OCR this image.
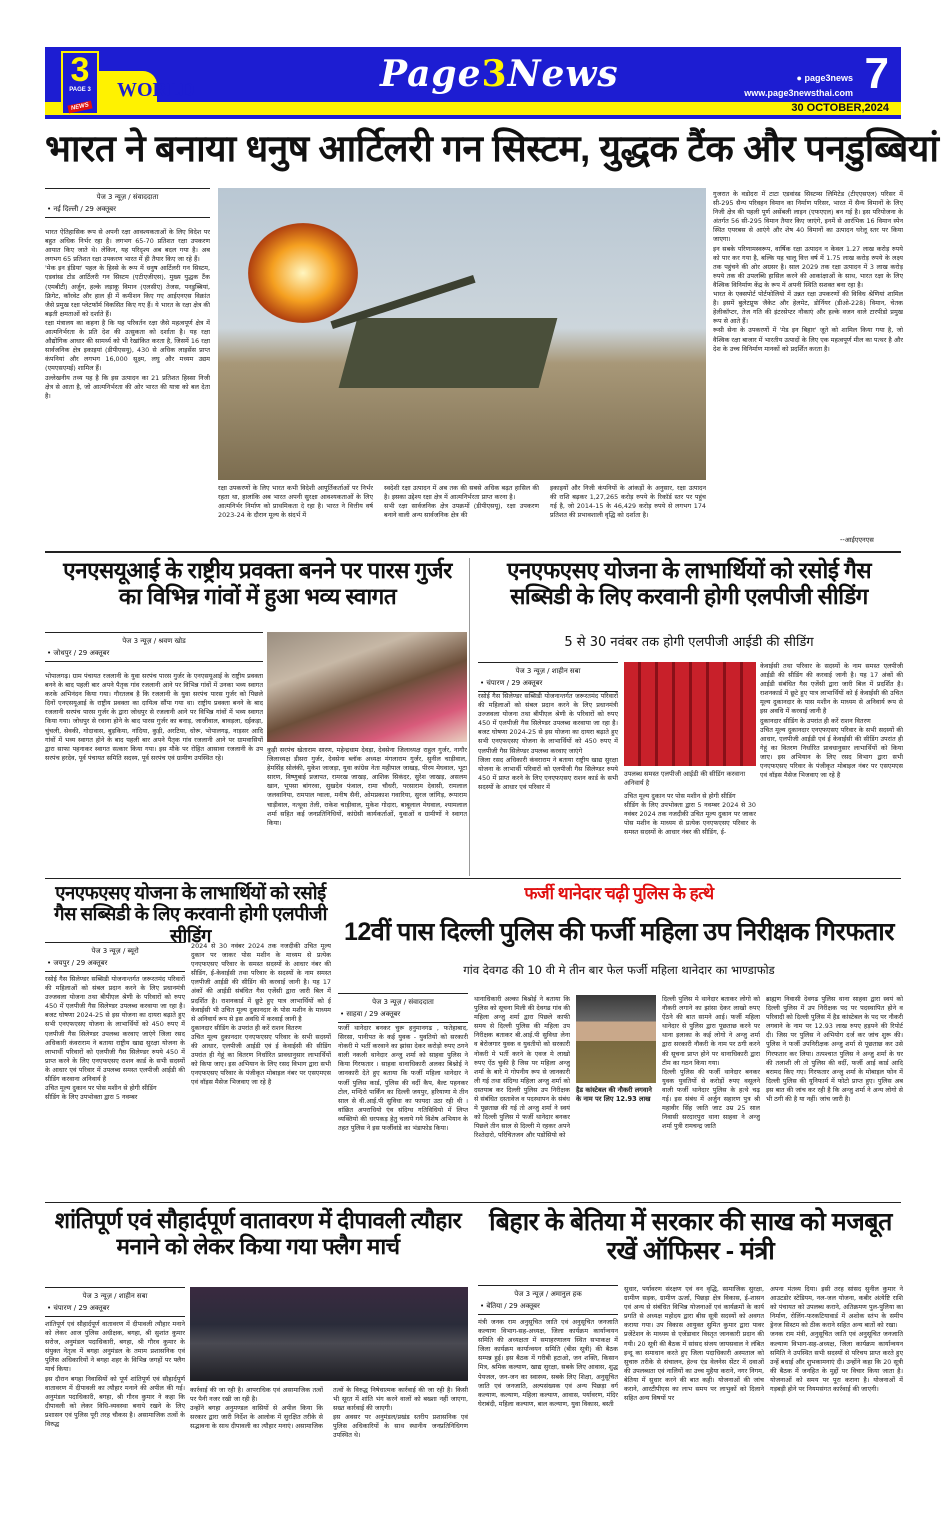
3
PAGE 3
NEWS
WORLD	Page3News	● page3news
www.page3newsthai.com 7
30 OCTOBER,2024
भारत ने बनाया धनुष आर्टिलरी गन सिस्टम, युद्धक टैंक और पनडुब्बियां
पेज 3 न्यूज़ / संवाददाता
• नई दिल्ली / 29 अक्तूबर
भारत ऐतिहासिक रूप से अपनी रक्षा आवश्यकताओं के लिए विदेश पर बहुत अधिक निर्भर रहा है। लगभग 65-70 प्रतिशत रक्षा उपकरण आयात किए जाते थे। लेकिन, यह परिदृश्य अब बदल गया है। अब लगभग 65 प्रतिशत रक्षा उपकरण भारत में ही तैयार किए जा रहे हैं।
'मेक इन इंडिया' पहल के हिस्से के रूप में धनुष आर्टिलरी गन सिस्टम, एडवांस्ड टोड आर्टिलरी गन सिस्टम (एटीएजीएस), मुख्य युद्धक टैंक (एमबीटी) अर्जुन, हल्के लड़ाकू विमान (एलसीए) तेजस, पनडुब्बियां, फ्रिगेट, कॉरवेट और हाल ही में कमीशन किए गए आईएनएस विक्रांत जैसे प्रमुख रक्षा प्लेटफॉर्म विकसित किए गए हैं। ये भारत के रक्षा क्षेत्र की बढ़ती क्षमताओं को दर्शाते हैं।
रक्षा मंत्रालय का कहना है कि यह परिवर्तन रक्षा जैसे महत्वपूर्ण क्षेत्र में आत्मनिर्भरता के प्रति देश की उत्सुकता को दर्शाता है। यह रक्षा औद्योगिक आधार की सामर्थ्य को भी रेखांकित करता है, जिसमें 16 रक्षा सार्वजनिक क्षेत्र इकाइयां (डीपीएसयू), 430 से अधिक लाइसेंस प्राप्त कंपनियां और लगभग 16,000 सूक्ष्म, लघु और मध्यम उद्यम (एमएसएमई) शामिल हैं।
उल्लेखनीय तथ्य यह है कि इस उत्पादन का 21 प्रतिशत हिस्सा निजी क्षेत्र से आता है, जो आत्मनिर्भरता की ओर भारत की यात्रा को बल देता है।
रक्षा उपकरणों के लिए भारत कभी विदेशी आपूर्तिकर्ताओं पर निर्भर रहता था, हालांकि अब भारत अपनी सुरक्षा आवश्यकताओं के लिए आत्मनिर्भर निर्माण को प्राथमिकता दे रहा है। भारत ने वित्तीय वर्ष 2023-24 के दौरान मूल्य के संदर्भ में
स्वदेशी रक्षा उत्पादन में अब तक की सबसे अधिक बढ़त हासिल की है। इसका उद्देश्य रक्षा क्षेत्र में आत्मनिर्भरता प्राप्त करना है।
सभी रक्षा सार्वजनिक क्षेत्र उपक्रमों (डीपीएसयू), रक्षा उपकरण बनाने वाली अन्य सार्वजनिक क्षेत्र की
इकाइयों और निजी कंपनियों के आंकड़ों के अनुसार, रक्षा उत्पादन की राशि बढ़कर 1,27,265 करोड़ रुपये के रिकॉर्ड स्तर पर पहुंच गई है, जो 2014-15 के 46,429 करोड़ रुपये से लगभग 174 प्रतिशत की प्रभावशाली वृद्धि को दर्शाता है।
गुजरात के वडोदरा में टाटा एडवांस्ड सिस्टम्स लिमिटेड (टीएएसएल) परिसर में सी-295 सैन्य परिवहन विमान का निर्माण परिसर, भारत में सैन्य विमानों के लिए निजी क्षेत्र की पहली पूर्ण असेंबली लाइन (एफएएल) बन गई है। इस परियोजना के अंतर्गत 56 सी-295 विमान तैयार किए जाएंगे, इनमें से आरंभिक 16 विमान स्पेन स्थित एयरबस से आएंगे और शेष 40 विमानों का उत्पादन घरेलू स्तर पर किया जाएगा।
इन सबके परिणामस्वरूप, वार्षिक रक्षा उत्पादन न केवल 1.27 लाख करोड़ रुपये को पार कर गया है, बल्कि यह चालू वित्त वर्ष में 1.75 लाख करोड़ रुपये के लक्ष्य तक पहुंचने की ओर अग्रसर है। साल 2029 तक रक्षा उत्पादन में 3 लाख करोड़ रुपये तक की उपलब्धि हासिल करने की आकांक्षाओं के साथ, भारत रक्षा के लिए वैश्विक विनिर्माण केंद्र के रूप में अपनी स्थिति सशक्त बना रहा है।
भारत के एक्सपोर्ट पोर्टफोलियो में उन्नत रक्षा उपकरणों की विविध श्रेणियां शामिल है। इसमें बुलेटप्रूफ जैकेट और हेलमेट, डोर्नियर (डीओ-228) विमान, चेतक हेलीकॉप्टर, तेज गति की इंटरसेप्टर नौकाएं और हल्के वजन वाले टारपीडो प्रमुख रूप से आते हैं।
रूसी सेना के उपकरणों में 'मेड इन बिहार' जूते को शामिल किया गया है, जो वैश्विक रक्षा बाजार में भारतीय उत्पादों के लिए एक महत्वपूर्ण मील का पत्थर है और देश के उच्च विनिर्माण मानकों को प्रदर्शित करता है।
--आईएएनएस
एनएसयूआई के राष्ट्रीय प्रवक्ता बनने पर पारस गुर्जर का विभिन्न गांवों में हुआ भव्य स्वागत
पेज 3 न्यूज़ / श्रवण खोड
• जोधपुर / 29 अक्तूबर
भोपालगढ़। ग्राम पंचायत रजलानी के युवा सरपंच पारस गुर्जर के एनएसयूआई के राष्ट्रीय प्रवक्ता बनने के बाद पहली बार अपने पैतृक गांव रजलानी आने पर विभिन्न गांवों में उनका भव्य स्वागत करके अभिनंदन किया गया। गौरतलब है कि रजलानी के युवा सरपंच पारस गुर्जर को पिछले दिनों एनएसयूआई के राष्ट्रीय प्रवक्ता का दायित्व सौंपा गया था। राष्ट्रीय प्रवक्ता बनने के बाद रजलानी सरपंच पारस गुर्जर के द्वारा जोधपुर से रजलानी आने पर विभिन्न गांवों में भव्य स्वागत किया गया। जोधपुर से रवाना होने के बाद पारस गुर्जर का बनाड़, जाजीवाल, बावड़ला, दईकड़ा, चुंचली, सेवकी, गोदावास, बुड़किया, नांदिया, कुड़ी, अरटिया, धोरू, भोपालगढ़, नाड़सर आदि गांवों में भव्य स्वागत होने के बाद पहली बार अपने पैतृक गांव रजलानी आने पर ग्रामवासियों द्वारा साफा पहनाकर स्वागत सत्कार किया गया। इस मौके पर रोहित आसावा रजलानी के उप सरपंच हरदेव, पूर्व पंचायत समिति सदस्य, पूर्व सरपंच एवं ग्रामीण उपस्थित रहे।
कुड़ी सरपंच खेताराम सारण, महेन्द्रधाम देवड़ा, देवसेना जिलाध्यक्ष राहुल गुर्जर, नागौर जिलाध्यक्ष डीसरा गुर्जर, देवसेना ब्लॉक अध्यक्ष मंगलाराम गुर्जर, सुनील चाड़ीवाल, हेमसिंह सोलंकी, मुकेश जाजड़ा, युवा कांग्रेस नेता महीपाल जाखड़, पीरम मेघवाल, भूटा सारण, विष्णुबाई प्रजापत, रामरख जाखड़, आशिक सिकंदर, सुरेश जाखड़, असलम खान, भूपसा बांगरवा, सुखदेव फंवाल, रामा चौधरी, परसाराम देवासी, रामलाल जलवानिया, रामपाल ग्वाला, मनीष सैनी, ओमप्रकाश गवारिया, सुरज जांगिड़, रूपाराम चाड़ीवाल, नत्थूवा तेली, राकेश चाड़ीवाल, मुकेश गोदारा, बाबूलाल मेघवाल, श्यामलाल शर्मा सहित कई जनप्रतिनिधियों, कांग्रेसी कार्यकर्ताओं, युवाओं व ग्रामीणों ने स्वागत किया।
एनएफएसए योजना के लाभार्थियों को रसोई गैस सब्सिडी के लिए करवानी होगी एलपीजी सीडिंग
5 से 30 नवंबर तक होगी एलपीजी आईडी की सीडिंग
पेज 3 न्यूज़ / शाहीन सबा
• चंपारण / 29 अक्तूबर
रसोई गैस सिलेण्डर सब्सिडी योजनान्तर्गत जरूरतमंद परिवारों की महिलाओं को संबल प्रदान करने के लिए प्रधानमंत्री उज्जवला योजना तथा बीपीएल श्रेणी के परिवारों को रुपए 450 में एलपीजी गैस सिलेण्डर उपलब्ध करवाया जा रहा है। बजट घोषणा 2024-25 से इस योजना का दायरा बढ़ाते हुए सभी एनएफएसए योजना के लाभार्थियों को 450 रुपए में एलपीजी गैस सिलेण्डर उपलब्ध करवाए जाएंगे
जिला रसद अधिकारी कंवराराम ने बताया राष्ट्रीय खाद्य सुरक्षा योजना के लाभार्थी परिवारों को एलपीजी गैस सिलेण्डर रुपये 450 में प्राप्त करने के लिए एनएफएसए राशन कार्ड के सभी सदस्यों के आधार एवं परिवार में
उपलब्ध समस्त एलपीजी आईडी की सीडिंग करवाना अनिवार्य है
उचित मूल्य दुकान पर पोस मशीन से होगी सीडिंग
सीडिंग के लिए उपभोक्ता द्वारा 5 नवम्बर 2024 से 30 नवंबर 2024 तक नजदीकी उचित मूल्य दुकान पर जाकर पोस मशीन के माध्यम से प्रत्येक एनएफएसए परिवार के समस्त सदस्यों के आधार नंबर की सीडिंग, ई-
केवाईसी तथा परिवार के सदस्यों के नाम समस्त एलपीजी आईडी की सीडिंग की करवाई जानी है। यह 17 अंकों की आईडी संबंधित गैस एजेंसी द्वारा जारी बिल में प्रदर्शित है। राशनकार्ड में छूटे हुए पात्र लाभार्थियों को ई केवाईसी की उचित मूल्य दुकानदार के पास मशीन के माध्यम से अनिवार्य रूप से इस अवधि में करवाई जानी है
दुकानदार सीडिंग के उपरांत ही करें राशन वितरण
उचित मूल्य दुकानदार एनएफएसए परिवार के सभी सदस्यों की आधार, एलपीजी आईडी एवं ई केवाईसी की सीडिंग उपरांत ही गेहूं का वितरण निर्धारित प्रावधानुसार लाभार्थियों को किया जाए। इस अभियान के लिए रसद विभाग द्वारा सभी एनएफएसए परिवार के पंजीकृत मोबाइल नंबर पर एसएमएस एवं वॉइस मैसेज भिजवाए जा रहे है
एनएफएसए योजना के लाभार्थियों को रसोई गैस सब्सिडी के लिए करवानी होगी एलपीजी सीडिंग
पेज 3 न्यूज़ / ब्यूरो
• जयपुर / 29 अक्तूबर
रसोई गैस सिलेण्डर सब्सिडी योजनान्तर्गत जरूरतमंद परिवारों की महिलाओं को संबल प्रदान करने के लिए प्रधानमंत्री उज्जवला योजना तथा बीपीएल श्रेणी के परिवारों को रुपए 450 में एलपीजी गैस सिलेण्डर उपलब्ध करवाया जा रहा है। बजट घोषणा 2024-25 से इस योजना का दायरा बढ़ाते हुए सभी एनएफएसए योजना के लाभार्थियों को 450 रुपए में एलपीजी गैस सिलेण्डर उपलब्ध करवाए जाएंगे जिला रसद अधिकारी कंवराराम ने बताया राष्ट्रीय खाद्य सुरक्षा योजना के लाभार्थी परिवारों को एलपीजी गैस सिलेण्डर रुपये 450 में प्राप्त करने के लिए एनएफएसए राशन कार्ड के सभी सदस्यों के आधार एवं परिवार में उपलब्ध समस्त एलपीजी आईडी की सीडिंग करवाना अनिवार्य है
उचित मूल्य दुकान पर पोस मशीन से होगी सीडिंग
सीडिंग के लिए उपभोक्ता द्वारा 5 नवम्बर
2024 से 30 नवंबर 2024 तक नजदीकी उचित मूल्य दुकान पर जाकर पोस मशीन के माध्यम से प्रत्येक एनएफएसए परिवार के समस्त सदस्यों के आधार नंबर की सीडिंग, ई-केवाईसी तथा परिवार के सदस्यों के नाम समस्त एलपीजी आईडी की सीडिंग की करवाई जानी है। यह 17 अंकों की आईडी संबंधित गैस एजेंसी द्वारा जारी बिल में प्रदर्शित है। राशनकार्ड में छूटे हुए पात्र लाभार्थियों को ई केवाईसी भी उचित मूल्य दुकानदार के पोस मशीन के माध्यम से अनिवार्य रूप से इस अवधि में करवाई जानी है
दुकानदार सीडिंग के उपरांत ही करें राशन वितरण
उचित मूल्य दुकानदार एनएफएसए परिवार के सभी सदस्यों की आधार, एलपीजी आईडी एवं ई केवाईसी की सीडिंग उपरांत ही गेहूं का वितरण निर्धारित प्रावधानुसार लाभार्थियों को किया जाए। इस अभियान के लिए रसद विभाग द्वारा सभी एनएफएसए परिवार के पंजीकृत मोबाइल नंबर पर एसएमएस एवं वॉइस मैसेज भिजवाए जा रहे है
फर्जी थानेदार चढ़ी पुलिस के हत्थे
12वीं पास दिल्ली पुलिस की फर्जी महिला उप निरीक्षक गिरफतार
गांव देवगढ की 10 वी मे तीन बार फेल फर्जी महिला थानेदार का भाण्डाफोड
पेज 3 न्यूज़ / संवाददाता
• साहवा / 29 अक्तूबर
फर्जी थानेदार बनकर चुरू हनुमानगढ , फतेहाबाद, सिरसा, पानीपत के कई युवक - युवतियो को सरकारी नोकरी मे भर्ती करवाने का झांसा देकर करोड़ो रुपए ठगने वाली नकली थानेदार अन्जु शर्मा को साहवा पुलिस ने किया गिरफतार । साहवा थानाधिकारी अलका बिश्नोई ने जानकारी देते हुए बताया कि फर्जी महिला थानेदार ने फर्जी पुलिस कार्ड, पुलिस की वर्दी कैप, बैल्ट पहनकर टोल, मन्दिरो पार्किंग का दिल्ली जयपुर, हरियाणा मे तीन साल से वी.आई.पी सुविधा का फायदा उठा रही थी । वांछित अपराधियो एंव संदिग्ध गतिविधियो में लिप्त व्यक्तियो की धरपकड़ हेतु चलाये गये विशेष अभियान के तहत पुलिस ने इस फर्जीवांडे का भंडाफोड किया।
थानाधिकारी अल्का बिश्नोई ने बताया कि पुलिस को सूचना मिली की देवगढ गांव की महिला अन्जु शर्मा द्वारा पिछले काफी समय से दिल्ली पुलिस की महिला उप निरीक्षक बताकर बी.आई.पी सुविधा लेना व बेरोजगार युवक व युवतीयो को सरकारी नोकरी मे भर्ती करने के एवज मे लाखो रुपए ऐंठ चुकी है जिस पर महिला अन्जु शर्मा के बारे मे गोपनीय रूप से जानकारी ली गई तथा संदिग्ध महिला अन्जु शर्मा को दस्तयाब कर दिल्ली पुलिस उप निरीक्षक से संबंधित दस्तावेज व पदस्थापन के संबंध मे पूछताछ की गई तो अन्जु शर्मा ने स्वयं को दिल्ली पुलिस मे फर्जी थानेदार बनकर पिछले तीन साल से दिल्ली मे रहकर अपने रिश्तेदारो, परिचितजन और पडोसियो को
हैड कांस्टेबल की नौकरी लगवाने के नाम पर लिए 12.93 लाख
दिल्ली पुलिस मे थानेदार बताकर लोगो को नौकरी लगाने का झांसा देकर लाखो रुपए ऐंठने की बात सामने आई। फर्जी महिला थानेदार से पुलिस द्वारा पूछताछ करने पर थाना इलाका के कई लोगो ने अन्जु शर्मा द्वारा सरकारी नौकरी के नाम पर ठगी करने की सूचना प्राप्त होने पर थानाधिकारी द्वारा टीम का गठन किया गया।
दिल्ली पुलिस की फर्जी थानेदार बनकर युवक युवतियों से करोड़ों रुपए वसूलने वाली फर्जी थानेदार पुलिस के हत्थे चढ़ गई। इस संबंध में अर्जुन सहारण पुत्र श्री महावीर सिंह जाति जाट उम्र 25 साल निवासी सरदारपुरा थाना साहवा ने अन्जु शर्मा पुत्री रामचन्द्र जाति
ब्राह्मण निवासी देवगढ पुलिस थाना साहवा द्वारा स्वयं को दिल्ली पुलिस में उप निरीक्षक पद पर पदस्थापित होने व परिवादी को दिल्ली पुलिस में हैड कांस्टेबल के पद पर नौकरी लगवाने के नाम पर 12.93 लाख रुपए हड़पने की रिपोर्ट दी। जिस पर पुलिस ने अभियोग दर्ज कर जांच शुरू की। पुलिस ने फर्जी उपनिरीक्षक अन्जु शर्मा से पूछताछ कर उसे गिरफतार कर लिया। तत्पश्चात पुलिस ने अन्जु शर्मा के घर की तलाशी ली तो पुलिस की वर्दी, फर्जी आई कार्ड आदि बरामद किए गए। गिरफतार अन्जु शर्मा के मोबाइल फोन में दिल्ली पुलिस की यूनिफार्म में फोटो प्राप्त हुए। पुलिस अब इस बात की जांच कर रही है कि अन्जु शर्मा ने अन्य लोगो से भी ठगी की है या नहीं। जांच जारी है।
शांतिपूर्ण एवं सौहार्दपूर्ण वातावरण में दीपावली त्यौहार मनाने को लेकर किया गया फ्लैग मार्च
पेज 3 न्यूज़ / शाहीन सबा
• चंपारण / 29 अक्तूबर
शांतिपूर्ण एवं सौहार्दपूर्ण वातावरण में दीपावली त्यौहार मनाने को लेकर आज पुलिस अधीक्षक, बगहा, श्री सुशांत कुमार सरोज, अनुमंडल पदाधिकारी, बगहा, श्री गौरव कुमार के संयुक्त नेतृत्व में बगहा अनुमंडल के तमाम प्रशासनिक एवं पुलिस अधिकारियों ने बगहा शहर के विभिन्न जगहों पर फ्लैग मार्च किया।
इस दौरान बगहा निवासियों को पूर्ण शांतिपूर्ण एवं सौहार्दपूर्ण वातावरण में दीपावली का त्यौहार मनाने की अपील की गई। अनुमंडल पदाधिकारी, बगहा, श्री गौरव कुमार ने कहा कि दीपावली को लेकर विधि-व्यवस्था बनाये रखने के लिए प्रशासन एवं पुलिस पूरी तरह चौकस है। असामाजिक तत्वों के विरुद्ध
कार्रवाई की जा रही है। आपराधिक एवं असामाजिक तत्वों पर पैनी नजर रखी जा रही है।
उन्होंने बगहा अनुमण्डल वासियों से अपील किया कि सरकार द्वारा जारी निर्देश के आलोक में सुरक्षित तरीके से सद्भावना के साथ दीपावली का त्यौहार मनाएं। असामाजिक
तत्वों के विरुद्ध निषेधात्मक कार्रवाई की जा रही है। किसी भी सूरत में शांति भंग करने वालों को बख्शा नहीं जाएगा, सख्त कार्रवाई की जाएगी।
इस अवसर पर अनुमंडल/प्रखंड स्तरीय प्रशासनिक एवं पुलिस अधिकारियों के साथ स्थानीय जनप्रतिनिधिगण उपस्थित थे।
बिहार के बेतिया में सरकार की साख को मजबूत रखें ऑफिसर - मंत्री
पेज 3 न्यूज़ / अमानुल हक
• बेतिया / 29 अक्तूबर
मंत्री जनक राम अनुसूचित जाति एवं अनुसूचित जनजाति कल्याण विभाग-सह-अध्यक्ष, जिला कार्यक्रम कार्यान्वयन समिति की अध्यक्षता में समाहरणालय स्थित सभाकक्ष में जिला कार्यक्रम कार्यान्वयन समिति (बीस सूत्री) की बैठक सम्पन्न हुई। इस बैठक में गरीबी हटाओ, जन शक्ति, किसान मित्र, श्रमिक कल्याण, खाद्य सुरक्षा, सबके लिए आवास, शुद्ध पेयजल, जन-जन का स्वास्थ्य, सबके लिए शिक्षा, अनुसूचित जाति एवं जनजाति, अल्पसंख्यक एवं अन्य पिछड़ा वर्ग कल्याण, कल्याण, महिला कल्याण, आवास, पर्यावरण, मंदिर घेराबंदी, महिला कल्याण, बाल कल्याण, युवा विकास, बस्ती
सुधार, पर्यावरण संरक्षण एवं वन वृद्धि, सामाजिक सुरक्षा, ग्रामीण सड़क, ग्रामीण ऊर्जा, पिछड़ा क्षेत्र विकास, ई-शासन एवं अन्य से संबंधित विभिन्न योजनाओं एवं कार्यक्रमों के कार्य प्रगति से अध्यक्ष महोदय द्वारा बीस सूत्री सदस्यों को अवगत कराया गया। उप विकास आयुक्त सुमित कुमार द्वारा पावर प्रजेंटेशन के माध्यम से एजेंडावार विस्तृत जानकारी प्रदान की गयी। 20 सूत्री की बैठक में सांसद संजय जायसवाल ने लंबित इन्दू का समाधान करते हुए जिला पदाधिकारी अस्पताल को सुचारु तरीके से संचालन, हेल्थ एंड वेलनेस सेंटर में दवाओं की उपलब्धता एवं नालियों का उच्च मुहैया कराने, नगर निगम, बेतिया में सुधार करने की बात कही। योजनाओं की जांच कराने, आरटीपीएस का लाभ समय पर लाभुकों को दिलाने सहित अन्य विषयों पर
अपना मंतव्य दिया। इसी तरह सांसद सुनील कुमार ने आउटडोर स्टेडियम, नल-जल योजना, कबीर अंत्येष्टि राशि को पंचायत को उपलब्ध कराने, अतिक्रमण पुल-पुलिया का निर्माण, रोलिंग-फरकटियावार्ड में अशोक स्तंभ के समीप ड्रेनज सिस्टम को ठीक कराने सहित अन्य बातों को रखा।
जनक राम मंत्री, अनुसूचित जाति एवं अनुसूचित जनजाति कल्याण विभाग-सह-अध्यक्ष, जिला कार्यक्रम कार्यान्वयन समिति ने उपस्थित सभी सदस्यों से परिचय प्राप्त करते हुए उन्हें बधाई और शुभकामनाएं दी। उन्होंने कहा कि 20 सूत्री की बैठक में जनहित के मुद्दों पर विचार किया जाता है। योजनाओं को समय पर पूरा कराना है। योजनाओं में गड़बड़ी होने पर नियमसंगत कार्रवाई की जाएगी।
